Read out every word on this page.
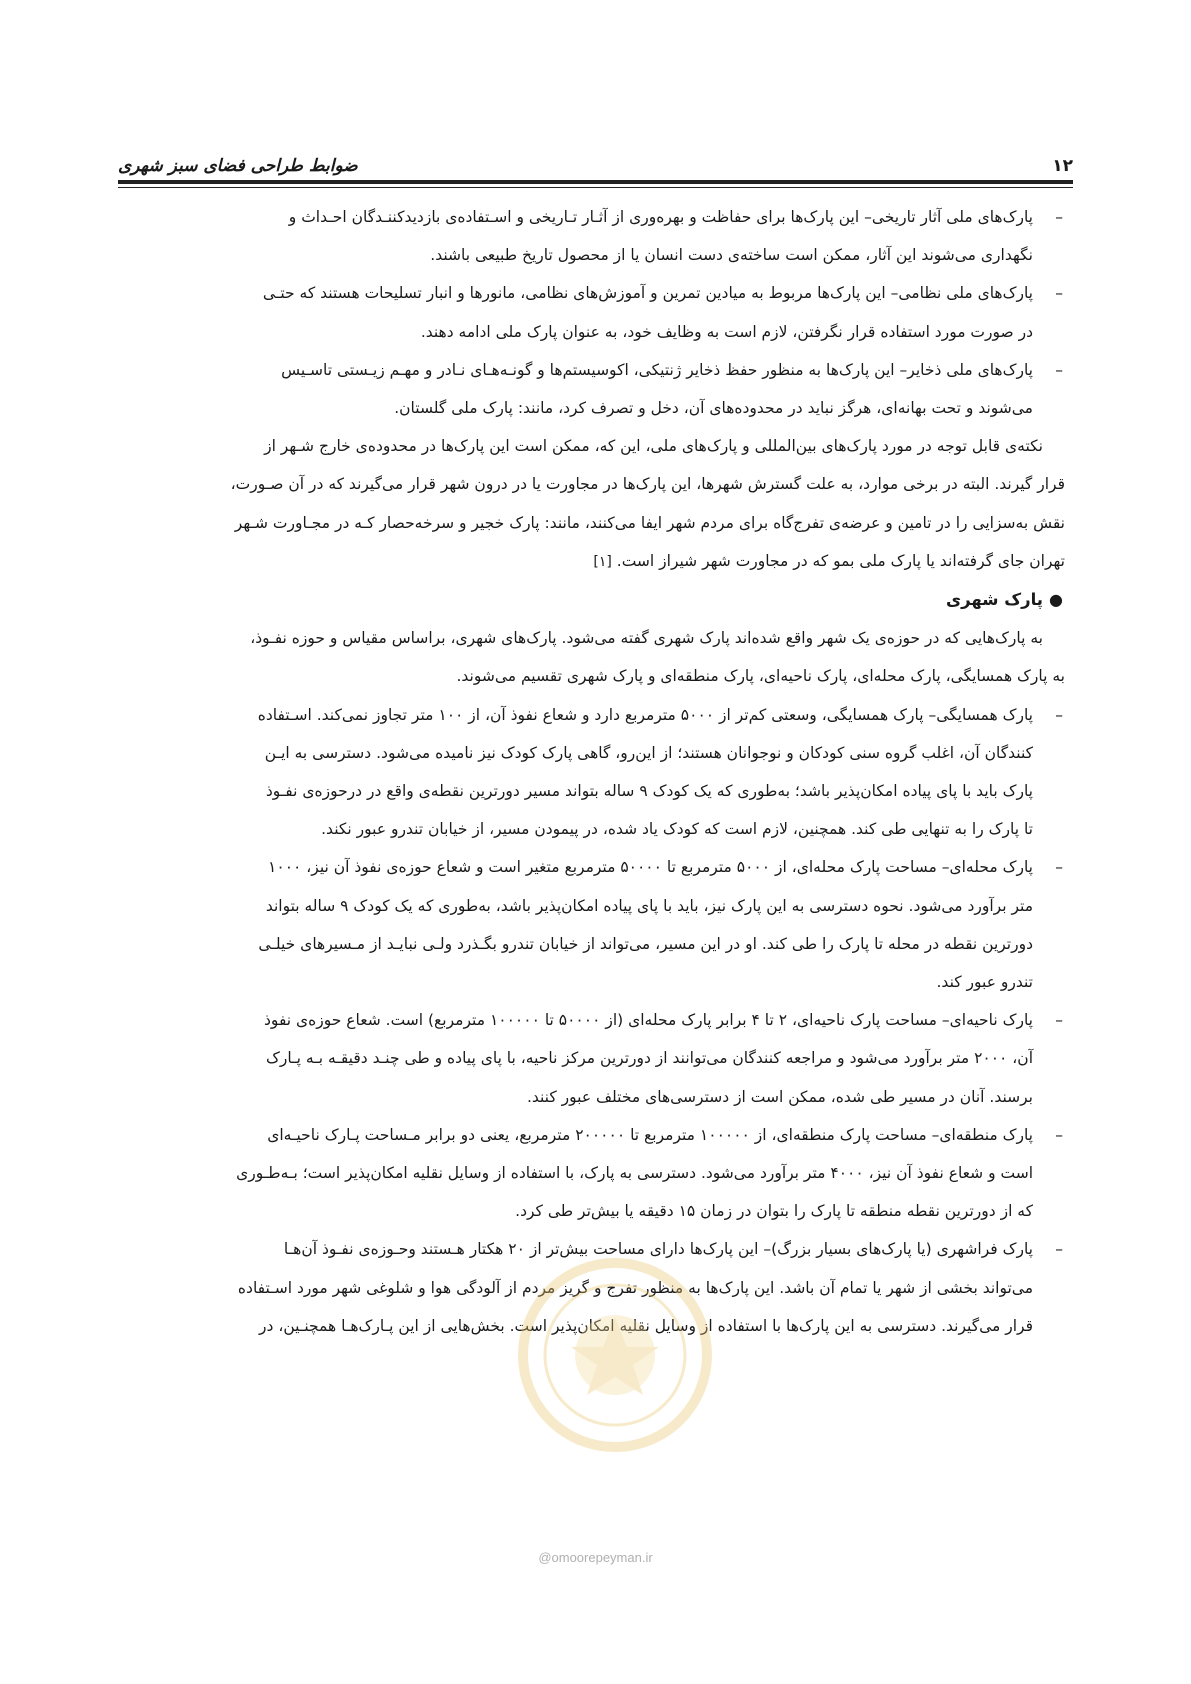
۱۲
ضوابط طراحی فضای سبز شهری
–

پارک‌های ملی آثار تاریخی– این پارک‌ها برای حفاظت و بهره‌وری از آثـار تـاریخی و اسـتفاده‌ی بازدیدکننـدگان احـداث و

نگهداری می‌شوند این آثار، ممکن است ساخته‌ی دست انسان یا از محصول تاریخ طبیعی باشند.

–

پارک‌های ملی نظامی– این پارک‌ها مربوط به میادین تمرین و آموزش‌های نظامی، مانورها و انبار تسلیحات هستند که حتـی

در صورت مورد استفاده قرار نگرفتن، لازم است به وظایف خود، به عنوان پارک ملی ادامه دهند.

–

پارک‌های ملی ذخایر– این پارک‌ها به منظور حفظ ذخایر ژنتیکی، اکوسیستم‌ها و گونـه‌هـای نـادر و مهـم زیـستی تاسـیس

می‌شوند و تحت بهانه‌ای، هرگز نباید در محدوده‌های آن، دخل و تصرف کرد، مانند: پارک ملی گلستان.

نکته‌ی قابل توجه در مورد پارک‌های بین‌المللی و پارک‌های ملی، این که، ممکن است این پارک‌ها در محدوده‌ی خارج شـهر از

قرار گیرند. البته در برخی موارد، به علت گسترش شهرها، این پارک‌ها در مجاورت یا در درون شهر قرار می‌گیرند که در آن صـورت،

نقش به‌سزایی را در تامین و عرضه‌ی تفرج‌گاه برای مردم شهر ایفا می‌کنند، مانند: پارک خجیر و سرخه‌حصار کـه در مجـاورت شـهر

تهران جای گرفته‌اند یا پارک ملی بمو که در مجاورت شهر شیراز است. [۱]

●
پارک شهری

به پارک‌هایی که در حوزه‌ی یک شهر واقع شده‌اند پارک شهری گفته می‌شود. پارک‌های شهری، براساس مقیاس و حوزه نفـوذ،

به پارک همسایگی، پارک محله‌ای، پارک ناحیه‌ای، پارک منطقه‌ای و پارک شهری تقسیم می‌شوند.

–

پارک همسایگی– پارک همسایگی، وسعتی کم‌تر از ۵۰۰۰ مترمربع دارد و شعاع نفوذ آن، از ۱۰۰ متر تجاوز نمی‌کند. اسـتفاده

کنندگان آن، اغلب گروه سنی کودکان و نوجوانان هستند؛ از این‌رو، گاهی پارک کودک نیز نامیده می‌شود. دسترسی به ایـن

پارک باید با پای پیاده امکان‌پذیر باشد؛ به‌طوری که یک کودک ۹ ساله بتواند مسیر دورترین نقطه‌ی واقع در درحوزه‌ی نفـوذ

تا پارک را به تنهایی طی کند. همچنین، لازم است که کودک یاد شده، در پیمودن مسیر، از خیابان تندرو عبور نکند.

–

پارک محله‌ای– مساحت پارک محله‌ای، از ۵۰۰۰ مترمربع تا ۵۰۰۰۰ مترمربع متغیر است و شعاع حوزه‌ی نفوذ آن نیز، ۱۰۰۰

متر برآورد می‌شود. نحوه دسترسی به این پارک نیز، باید با پای پیاده امکان‌پذیر باشد، به‌طوری که یک کودک ۹ ساله بتواند

دورترین نقطه در محله تا پارک را طی کند. او در این مسیر، می‌تواند از خیابان تندرو بگـذرد ولـی نبایـد از مـسیرهای خیلـی

تندرو عبور کند.

–

پارک ناحیه‌ای– مساحت پارک ناحیه‌ای، ۲ تا ۴ برابر پارک محله‌ای (از ۵۰۰۰۰ تا ۱۰۰۰۰۰ مترمربع) است. شعاع حوزه‌ی نفوذ

آن، ۲۰۰۰ متر برآورد می‌شود و مراجعه کنندگان می‌توانند از دورترین مرکز ناحیه، با پای پیاده و طی چنـد دقیقـه بـه پـارک

برسند. آنان در مسیر طی شده، ممکن است از دسترسی‌های مختلف عبور کنند.

–

پارک منطقه‌ای– مساحت پارک منطقه‌ای، از ۱۰۰۰۰۰ مترمربع تا ۲۰۰۰۰۰ مترمربع، یعنی دو برابر مـساحت پـارک ناحیـه‌ای

است و شعاع نفوذ آن نیز، ۴۰۰۰ متر برآورد می‌شود. دسترسی به پارک، با استفاده از وسایل نقلیه امکان‌پذیر است؛ بـه‌طـوری

که از دورترین نقطه منطقه تا پارک را بتوان در زمان ۱۵ دقیقه یا بیش‌تر طی کرد.

–

پارک فراشهری (یا پارک‌های بسیار بزرگ)– این پارک‌ها دارای مساحت بیش‌تر از ۲۰ هکتار هـستند وحـوزه‌ی نفـوذ آن‌هـا

می‌تواند بخشی از شهر یا تمام آن باشد. این پارک‌ها به منظور تفرج و گریز مردم از آلودگی هوا و شلوغی شهر مورد اسـتفاده

قرار می‌گیرند. دسترسی به این پارک‌ها با استفاده از وسایل نقلیه امکان‌پذیر است. بخش‌هایی از این پـارک‌هـا همچنـین، در

@omoorepeyman.ir
